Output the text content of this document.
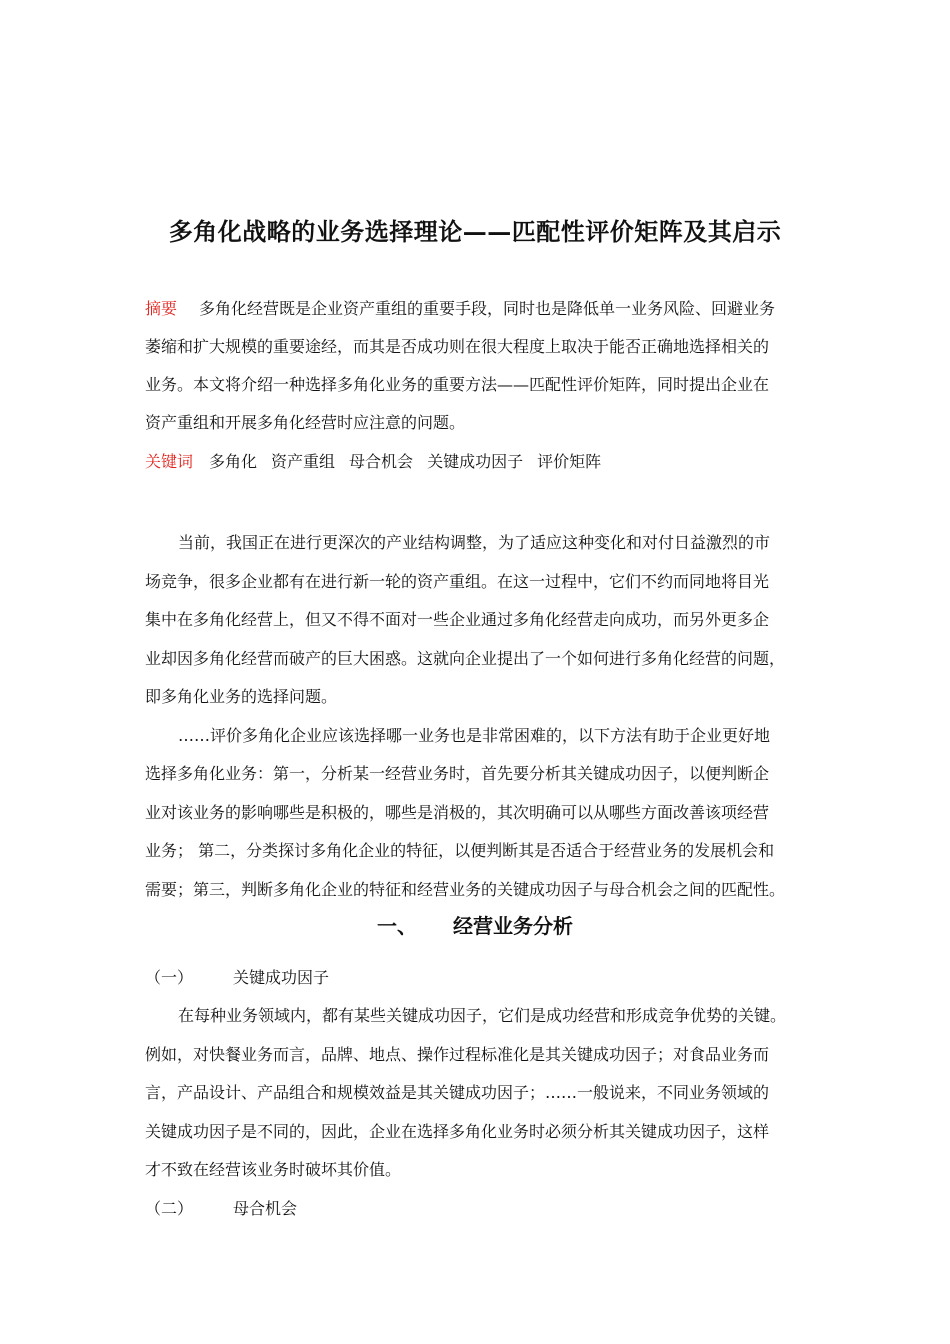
多角化战略的业务选择理论——匹配性评价矩阵及其启示

摘要 多角化经营既是企业资产重组的重要手段，同时也是降低单一业务风险、回避业务

萎缩和扩大规模的重要途经，而其是否成功则在很大程度上取决于能否正确地选择相关的

业务。本文将介绍一种选择多角化业务的重要方法——匹配性评价矩阵，同时提出企业在

资产重组和开展多角化经营时应注意的问题。

关键词 多角化 资产重组 母合机会 关键成功因子 评价矩阵

当前，我国正在进行更深次的产业结构调整，为了适应这种变化和对付日益激烈的市

场竞争，很多企业都有在进行新一轮的资产重组。在这一过程中，它们不约而同地将目光

集中在多角化经营上，但又不得不面对一些企业通过多角化经营走向成功，而另外更多企

业却因多角化经营而破产的巨大困惑。这就向企业提出了一个如何进行多角化经营的问题，

即多角化业务的选择问题。

……评价多角化企业应该选择哪一业务也是非常困难的，以下方法有助于企业更好地

选择多角化业务：第一，分析某一经营业务时，首先要分析其关键成功因子，以便判断企

业对该业务的影响哪些是积极的，哪些是消极的，其次明确可以从哪些方面改善该项经营

业务； 第二，分类探讨多角化企业的特征，以便判断其是否适合于经营业务的发展机会和

需要；第三，判断多角化企业的特征和经营业务的关键成功因子与母合机会之间的匹配性。

一、 经营业务分析
（一） 关键成功因子

在每种业务领域内，都有某些关键成功因子，它们是成功经营和形成竞争优势的关键。

例如，对快餐业务而言，品牌、地点、操作过程标准化是其关键成功因子；对食品业务而

言，产品设计、产品组合和规模效益是其关键成功因子；……一般说来，不同业务领域的

关键成功因子是不同的，因此，企业在选择多角化业务时必须分析其关键成功因子，这样

才不致在经营该业务时破坏其价值。

（二） 母合机会
